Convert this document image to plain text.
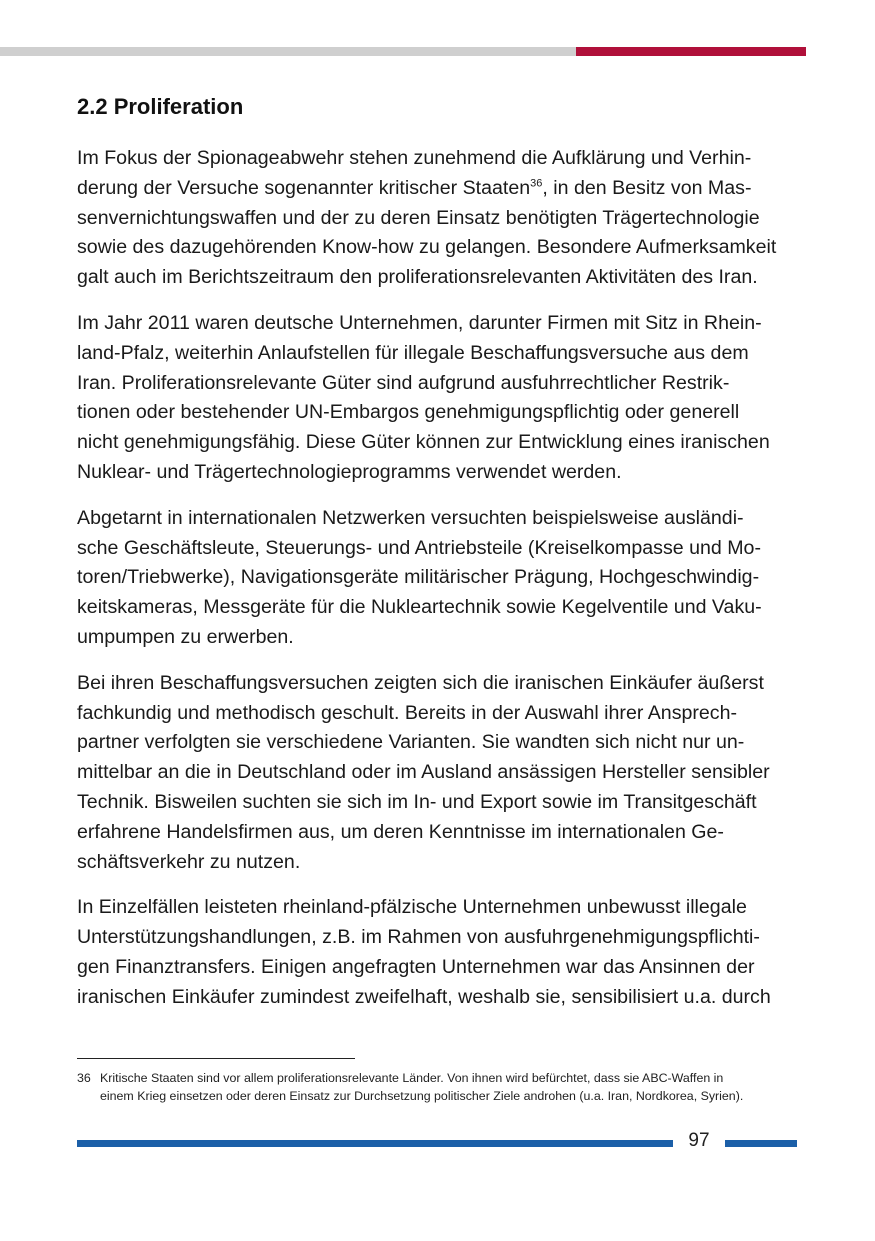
2.2 Proliferation

Im Fokus der Spionageabwehr stehen zunehmend die Aufklärung und Verhin-
derung der Versuche sogenannter kritischer Staaten$^{36}$, in den Besitz von Mas-
senvernichtungswaffen und der zu deren Einsatz benötigten Trägertechnologie
sowie des dazugehörenden Know-how zu gelangen. Besondere Aufmerksamkeit
galt auch im Berichtszeitraum den proliferationsrelevanten Aktivitäten des Iran.

Im Jahr 2011 waren deutsche Unternehmen, darunter Firmen mit Sitz in Rhein-
land-Pfalz, weiterhin Anlaufstellen für illegale Beschaffungsversuche aus dem
Iran. Proliferationsrelevante Güter sind aufgrund ausfuhrrechtlicher Restrik-
tionen oder bestehender UN-Embargos genehmigungspflichtig oder generell
nicht genehmigungsfähig. Diese Güter können zur Entwicklung eines iranischen
Nuklear- und Trägertechnologieprogramms verwendet werden.

Abgetarnt in internationalen Netzwerken versuchten beispielsweise ausländi-
sche Geschäftsleute, Steuerungs- und Antriebsteile (Kreiselkompasse und Mo-
toren/Triebwerke), Navigationsgeräte militärischer Prägung, Hochgeschwindig-
keitskameras, Messgeräte für die Nukleartechnik sowie Kegelventile und Vaku-
umpumpen zu erwerben.

Bei ihren Beschaffungsversuchen zeigten sich die iranischen Einkäufer äußerst
fachkundig und methodisch geschult. Bereits in der Auswahl ihrer Ansprech-
partner verfolgten sie verschiedene Varianten. Sie wandten sich nicht nur un-
mittelbar an die in Deutschland oder im Ausland ansässigen Hersteller sensibler
Technik. Bisweilen suchten sie sich im In- und Export sowie im Transitgeschäft
erfahrene Handelsfirmen aus, um deren Kenntnisse im internationalen Ge-
schäftsverkehr zu nutzen.

In Einzelfällen leisteten rheinland-pfälzische Unternehmen unbewusst illegale
Unterstützungshandlungen, z.B. im Rahmen von ausfuhrgenehmigungspflichti-
gen Finanztransfers. Einigen angefragten Unternehmen war das Ansinnen der
iranischen Einkäufer zumindest zweifelhaft, weshalb sie, sensibilisiert u.a. durch

36 Kritische Staaten sind vor allem proliferationsrelevante Länder. Von ihnen wird befürchtet, dass sie ABC-Waffen in
einem Krieg einsetzen oder deren Einsatz zur Durchsetzung politischer Ziele androhen (u.a. Iran, Nordkorea, Syrien).
97
